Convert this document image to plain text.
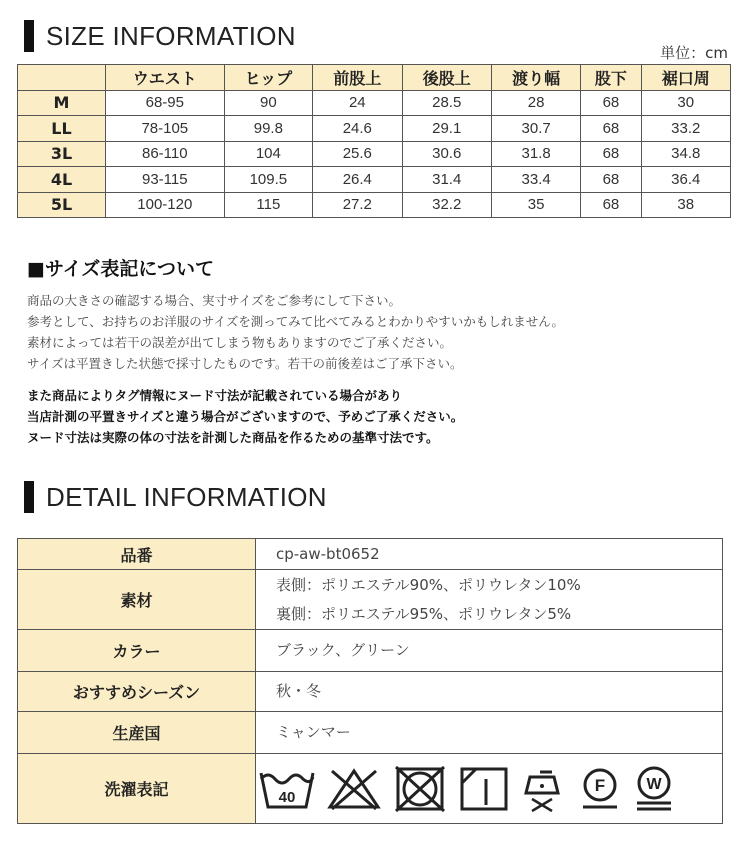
SIZE INFORMATION
単位：cm
	ウエスト	ヒップ	前股上	後股上	渡り幅	股下	裾口周
M	68-95	90	24	28.5	28	68	30
LL	78-105	99.8	24.6	29.1	30.7	68	33.2
3L	86-110	104	25.6	30.6	31.8	68	34.8
4L	93-115	109.5	26.4	31.4	33.4	68	36.4
5L	100-120	115	27.2	32.2	35	68	38
■サイズ表記について
商品の大きさの確認する場合、実寸サイズをご参考にして下さい。
参考として、お持ちのお洋服のサイズを測ってみて比べてみるとわかりやすいかもしれません。
素材によっては若干の誤差が出てしまう物もありますのでご了承ください。
サイズは平置きした状態で採寸したものです。若干の前後差はご了承下さい。
また商品によりタグ情報にヌード寸法が記載されている場合があり
当店計測の平置きサイズと違う場合がございますので、予めご了承ください。
ヌード寸法は実際の体の寸法を計測した商品を作るための基準寸法です。
DETAIL INFORMATION
品番	cp-aw-bt0652
素材	表側：ポリエステル90%、ポリウレタン10%
裏側：ポリエステル95%、ポリウレタン5%

カラー	ブラック、グリーン
おすすめシーズン	秋・冬
生産国	ミャンマー
洗濯表記	40
F W
